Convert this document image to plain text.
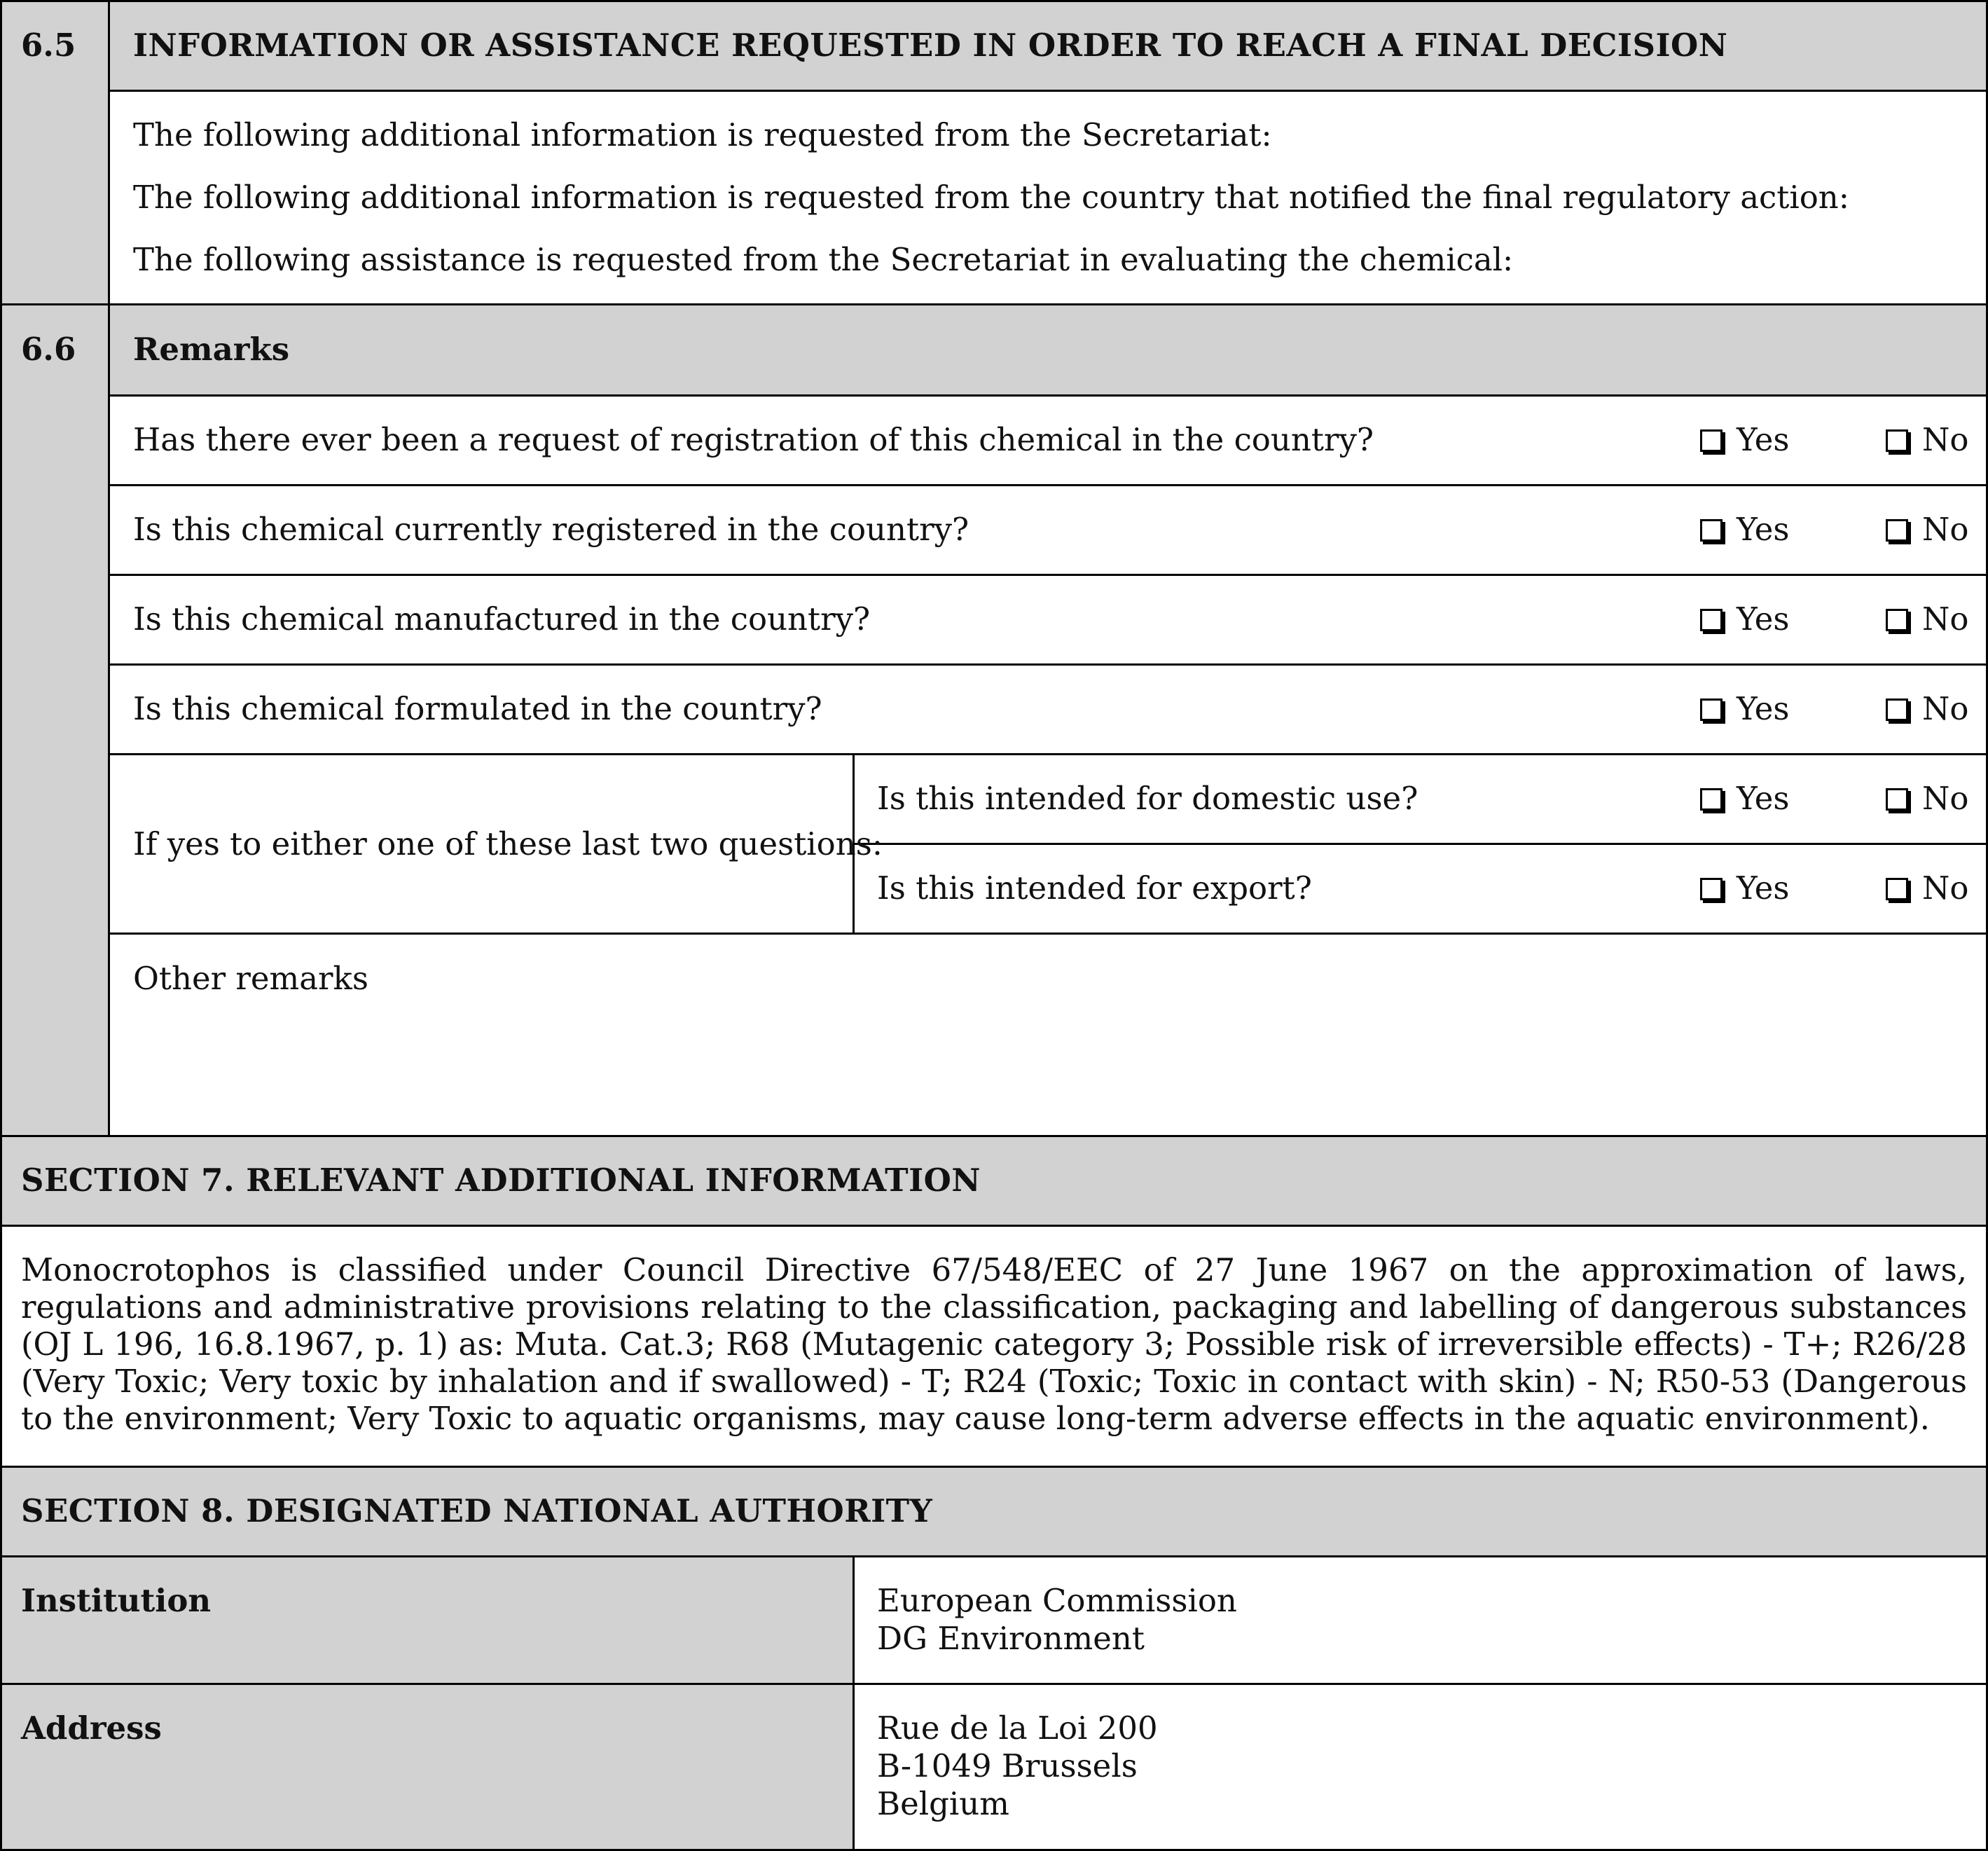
6.5 INFORMATION OR ASSISTANCE REQUESTED IN ORDER TO REACH A FINAL DECISION
The following additional information is requested from the Secretariat:
The following additional information is requested from the country that notified the final regulatory action:
The following assistance is requested from the Secretariat in evaluating the chemical:
6.6 Remarks
Has there ever been a request of registration of this chemical in the country?	Yes	No
Is this chemical currently registered in the country?	Yes	No
Is this chemical manufactured in the country?	Yes	No
Is this chemical formulated in the country?	Yes	No
If yes to either one of these last two questions:
Is this intended for domestic use?	Yes	No
Is this intended for export?	Yes	No
Other remarks
SECTION 7. RELEVANT ADDITIONAL INFORMATION
Monocrotophos is classified under Council Directive 67/548/EEC of 27 June 1967 on the approximation of laws, regulations and administrative provisions relating to the classification, packaging and labelling of dangerous substances (OJ L 196, 16.8.1967, p. 1) as: Muta. Cat.3; R68 (Mutagenic category 3; Possible risk of irreversible effects) - T+; R26/28 (Very Toxic; Very toxic by inhalation and if swallowed) - T; R24 (Toxic; Toxic in contact with skin) - N; R50-53 (Dangerous to the environment; Very Toxic to aquatic organisms, may cause long-term adverse effects in the aquatic environment).
SECTION 8. DESIGNATED NATIONAL AUTHORITY
Institution	European Commission
DG Environment
Address	Rue de la Loi 200
B-1049 Brussels
Belgium
